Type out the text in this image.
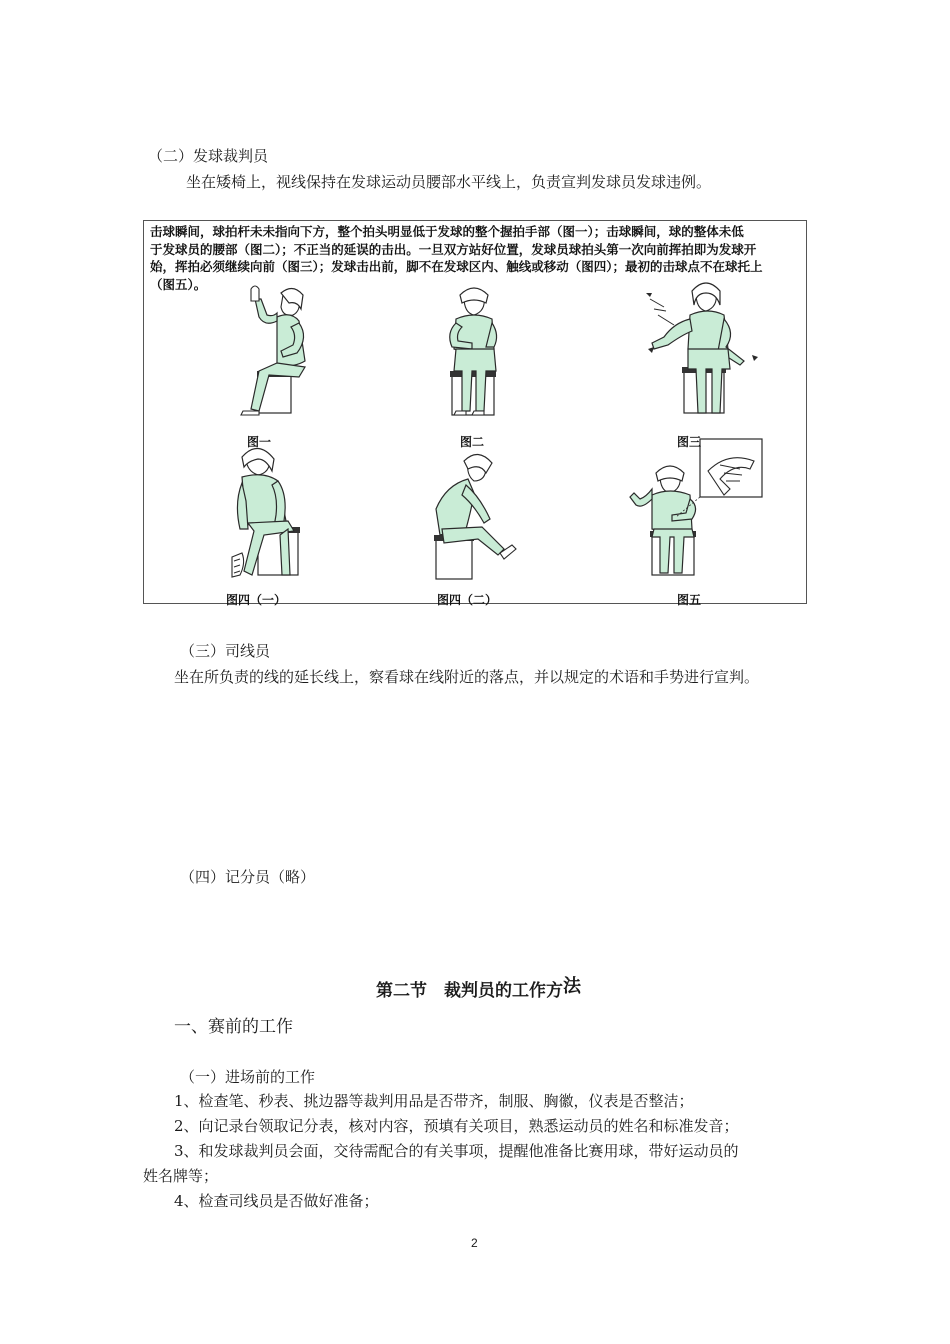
（二）发球裁判员
坐在矮椅上，视线保持在发球运动员腰部水平线上，负责宣判发球员发球违例。
击球瞬间，球拍杆未未指向下方，整个拍头明显低于发球的整个握拍手部（图一）；击球瞬间，球的整体未低
于发球员的腰部（图二）；不正当的延误的击出。一旦双方站好位置，发球员球拍头第一次向前挥拍即为发球开
始，挥拍必须继续向前（图三）；发球击出前，脚不在发球区内、触线或移动（图四）；最初的击球点不在球托上
（图五）。
图一	图二	图三
图四（一）	图四（二）	图五
（三）司线员
坐在所负责的线的延长线上，察看球在线附近的落点，并以规定的术语和手势进行宣判。
（四）记分员（略）
第二节　裁判员的工作方法
一、赛前的工作
（一）进场前的工作
1、检查笔、秒表、挑边器等裁判用品是否带齐，制服、胸徽，仪表是否整洁；
2、向记录台领取记分表，核对内容，预填有关项目，熟悉运动员的姓名和标准发音；
3、和发球裁判员会面，交待需配合的有关事项，提醒他准备比赛用球，带好运动员的
姓名牌等；
4、检查司线员是否做好准备；
2
